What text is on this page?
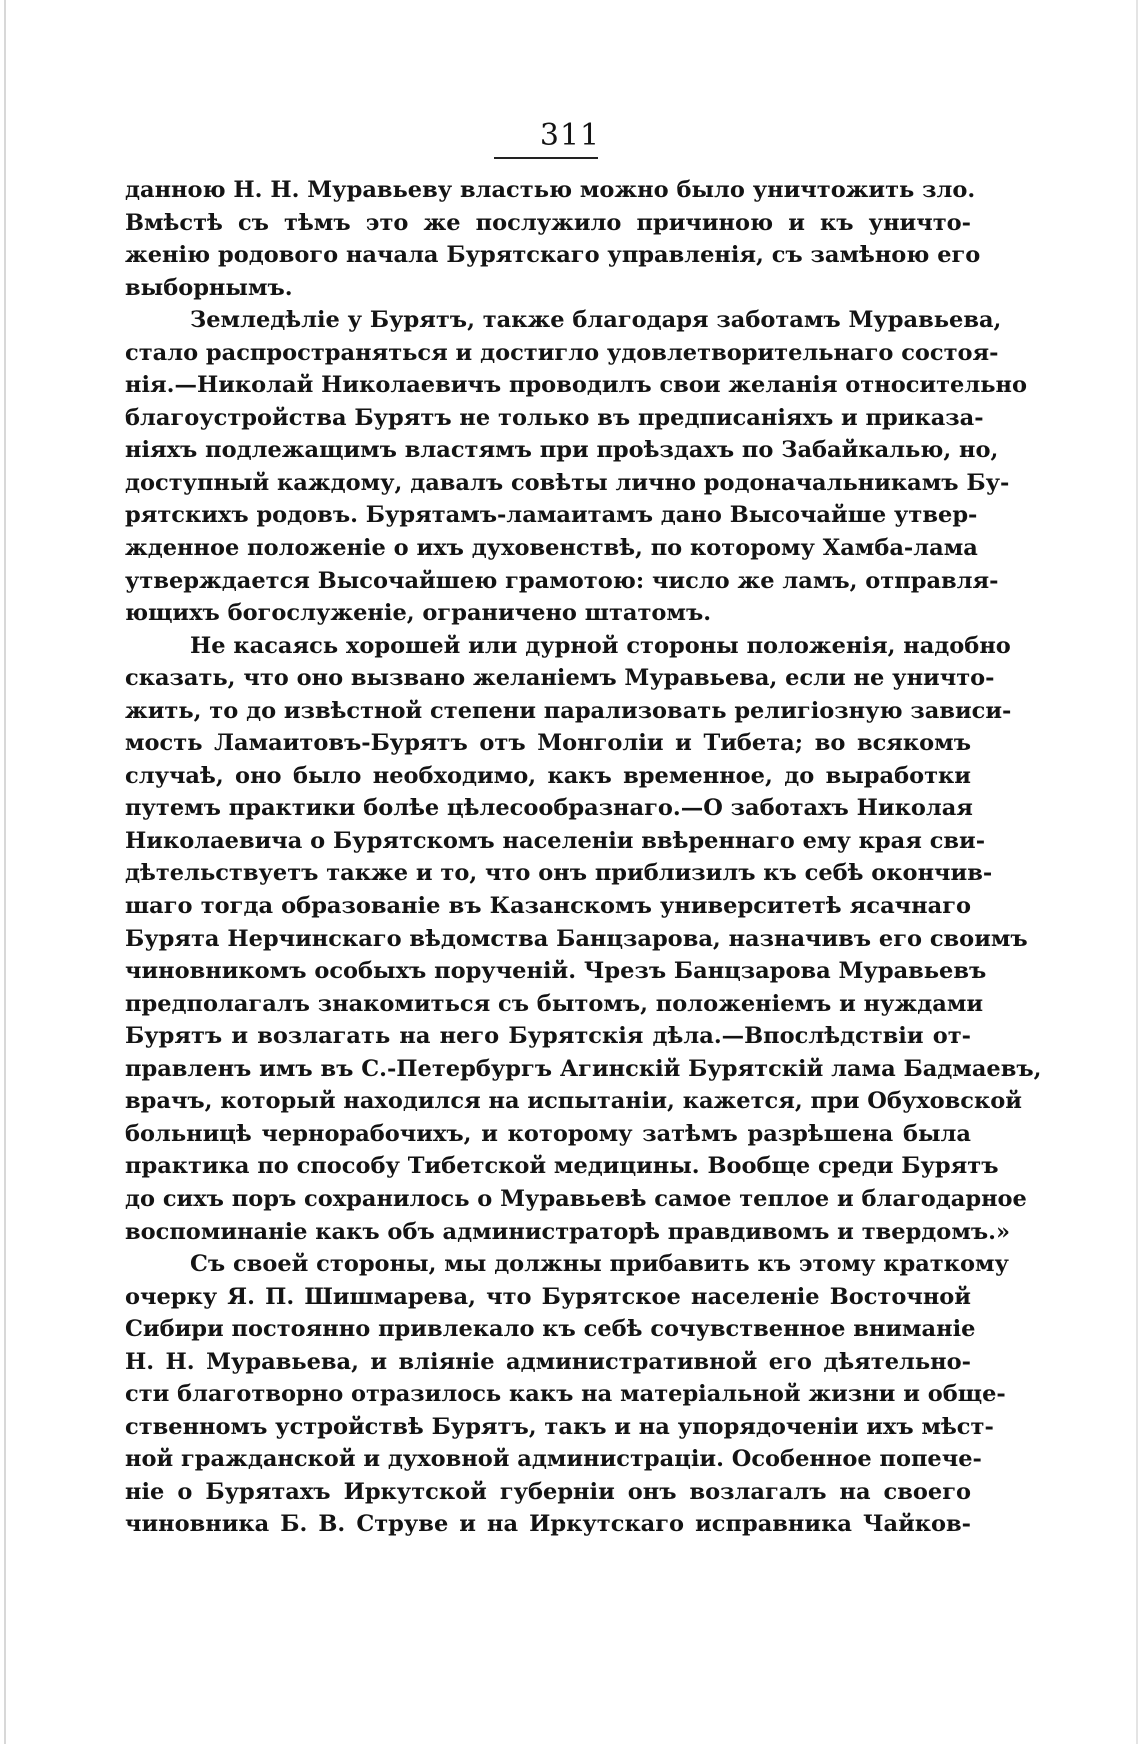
311
данною Н. Н. Муравьеву властью можно было уничтожить зло.
Вмѣстѣ съ тѣмъ это же послужило причиною и къ уничто-
женію родового начала Бурятскаго управленія, съ замѣною его
выборнымъ.
Земледѣліе у Бурятъ, также благодаря заботамъ Муравьева,
стало распространяться и достигло удовлетворительнаго состоя-
нія.—Николай Николаевичъ проводилъ свои желанія относительно
благоустройства Бурятъ не только въ предписаніяхъ и приказа-
ніяхъ подлежащимъ властямъ при проѣздахъ по Забайкалью, но,
доступный каждому, давалъ совѣты лично родоначальникамъ Бу-
рятскихъ родовъ. Бурятамъ-ламаитамъ дано Высочайше утвер-
жденное положеніе о ихъ духовенствѣ, по которому Хамба-лама
утверждается Высочайшею грамотою: число же ламъ, отправля-
ющихъ богослуженіе, ограничено штатомъ.
Не касаясь хорошей или дурной стороны положенія, надобно
сказать, что оно вызвано желаніемъ Муравьева, если не уничто-
жить, то до извѣстной степени парализовать религіозную зависи-
мость Ламаитовъ-Бурятъ отъ Монголіи и Тибета; во всякомъ
случаѣ, оно было необходимо, какъ временное, до выработки
путемъ практики болѣе цѣлесообразнаго.—О заботахъ Николая
Николаевича о Бурятскомъ населеніи ввѣреннаго ему края сви-
дѣтельствуетъ также и то, что онъ приблизилъ къ себѣ окончив-
шаго тогда образованіе въ Казанскомъ университетѣ ясачнаго
Бурята Нерчинскаго вѣдомства Банцзарова, назначивъ его своимъ
чиновникомъ особыхъ порученій. Чрезъ Банцзарова Муравьевъ
предполагалъ знакомиться съ бытомъ, положеніемъ и нуждами
Бурятъ и возлагать на него Бурятскія дѣла.—Впослѣдствіи от-
правленъ имъ въ С.-Петербургъ Агинскій Бурятскій лама Бадмаевъ,
врачъ, который находился на испытаніи, кажется, при Обуховской
больницѣ чернорабочихъ, и которому затѣмъ разрѣшена была
практика по способу Тибетской медицины. Вообще среди Бурятъ
до сихъ поръ сохранилось о Муравьевѣ самое теплое и благодарное
воспоминаніе какъ объ администраторѣ правдивомъ и твердомъ.»
Съ своей стороны, мы должны прибавить къ этому краткому
очерку Я. П. Шишмарева, что Бурятское населеніе Восточной
Сибири постоянно привлекало къ себѣ сочувственное вниманіе
Н. Н. Муравьева, и вліяніе административной его дѣятельно-
сти благотворно отразилось какъ на матеріальной жизни и обще-
ственномъ устройствѣ Бурятъ, такъ и на упорядоченіи ихъ мѣст-
ной гражданской и духовной администраціи. Особенное попече-
ніе о Бурятахъ Иркутской губерніи онъ возлагалъ на своего
чиновника Б. В. Струве и на Иркутскаго исправника Чайков-
